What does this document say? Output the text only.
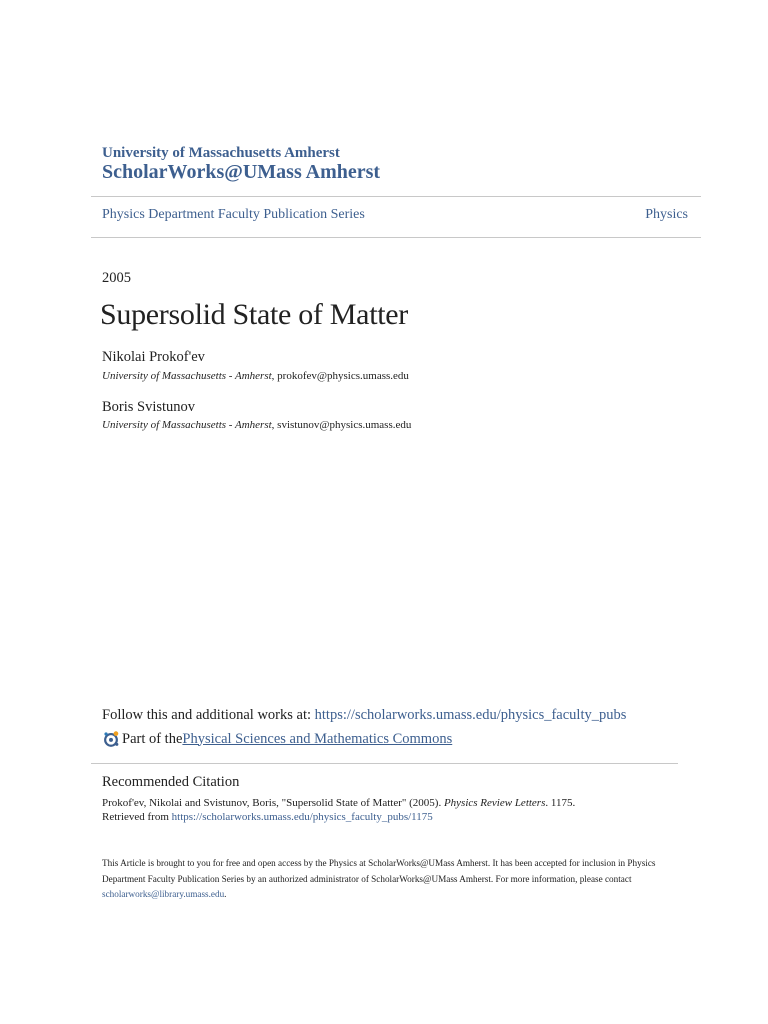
University of Massachusetts Amherst
ScholarWorks@UMass Amherst
Physics Department Faculty Publication Series	Physics
2005
Supersolid State of Matter
Nikolai Prokof'ev
University of Massachusetts - Amherst, prokofev@physics.umass.edu
Boris Svistunov
University of Massachusetts - Amherst, svistunov@physics.umass.edu
Follow this and additional works at: https://scholarworks.umass.edu/physics_faculty_pubs
Part of the Physical Sciences and Mathematics Commons
Recommended Citation
Prokof'ev, Nikolai and Svistunov, Boris, "Supersolid State of Matter" (2005). Physics Review Letters. 1175.
Retrieved from https://scholarworks.umass.edu/physics_faculty_pubs/1175
This Article is brought to you for free and open access by the Physics at ScholarWorks@UMass Amherst. It has been accepted for inclusion in Physics Department Faculty Publication Series by an authorized administrator of ScholarWorks@UMass Amherst. For more information, please contact scholarworks@library.umass.edu.
